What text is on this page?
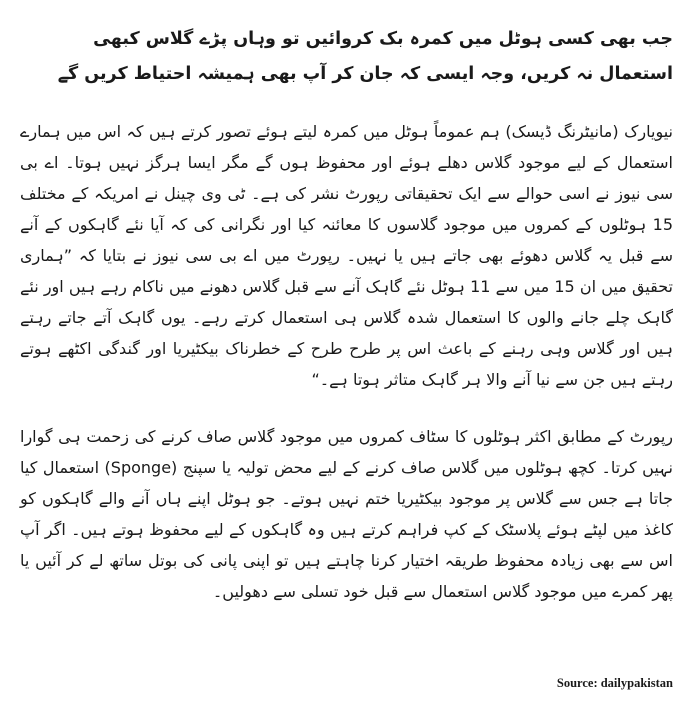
جب بھی کسی ہوٹل میں کمرہ بک کروائیں تو وہاں پڑے گلاس کبھی استعمال نہ کریں، وجہ ایسی کہ جان کر آپ بھی ہمیشہ احتیاط کریں گے
نیویارک (مانیٹرنگ ڈیسک) ہم عموماً ہوٹل میں کمرہ لیتے ہوئے تصور کرتے ہیں کہ اس میں ہمارے استعمال کے لیے موجود گلاس دھلے ہوئے اور محفوظ ہوں گے مگر ایسا ہرگز نہیں ہوتا۔ اے بی سی نیوز نے اسی حوالے سے ایک تحقیقاتی رپورٹ نشر کی ہے۔ ٹی وی چینل نے امریکہ کے مختلف 15 ہوٹلوں کے کمروں میں موجود گلاسوں کا معائنہ کیا اور نگرانی کی کہ آیا نئے گاہکوں کے آنے سے قبل یہ گلاس دھوئے بھی جاتے ہیں یا نہیں۔ رپورٹ میں اے بی سی نیوز نے بتایا کہ ”ہماری تحقیق میں ان 15 میں سے 11 ہوٹل نئے گاہک آنے سے قبل گلاس دھونے میں ناکام رہے ہیں اور نئے گاہک چلے جانے والوں کا استعمال شدہ گلاس ہی استعمال کرتے رہے۔ یوں گاہک آتے جاتے رہتے ہیں اور گلاس وہی رہنے کے باعث اس پر طرح طرح کے خطرناک بیکٹیریا اور گندگی اکٹھے ہوتے رہتے ہیں جن سے نیا آنے والا ہر گاہک متاثر ہوتا ہے۔“
رپورٹ کے مطابق اکثر ہوٹلوں کا سٹاف کمروں میں موجود گلاس صاف کرنے کی زحمت ہی گوارا نہیں کرتا۔ کچھ ہوٹلوں میں گلاس صاف کرنے کے لیے محض تولیہ یا سپنج (Sponge) استعمال کیا جاتا ہے جس سے گلاس پر موجود بیکٹیریا ختم نہیں ہوتے۔ جو ہوٹل اپنے ہاں آنے والے گاہکوں کو کاغذ میں لپٹے ہوئے پلاسٹک کے کپ فراہم کرتے ہیں وہ گاہکوں کے لیے محفوظ ہوتے ہیں۔ اگر آپ اس سے بھی زیادہ محفوظ طریقہ اختیار کرنا چاہتے ہیں تو اپنی پانی کی بوتل ساتھ لے کر آئیں یا پھر کمرے میں موجود گلاس استعمال سے قبل خود تسلی سے دھولیں۔
Source: dailypakistan
